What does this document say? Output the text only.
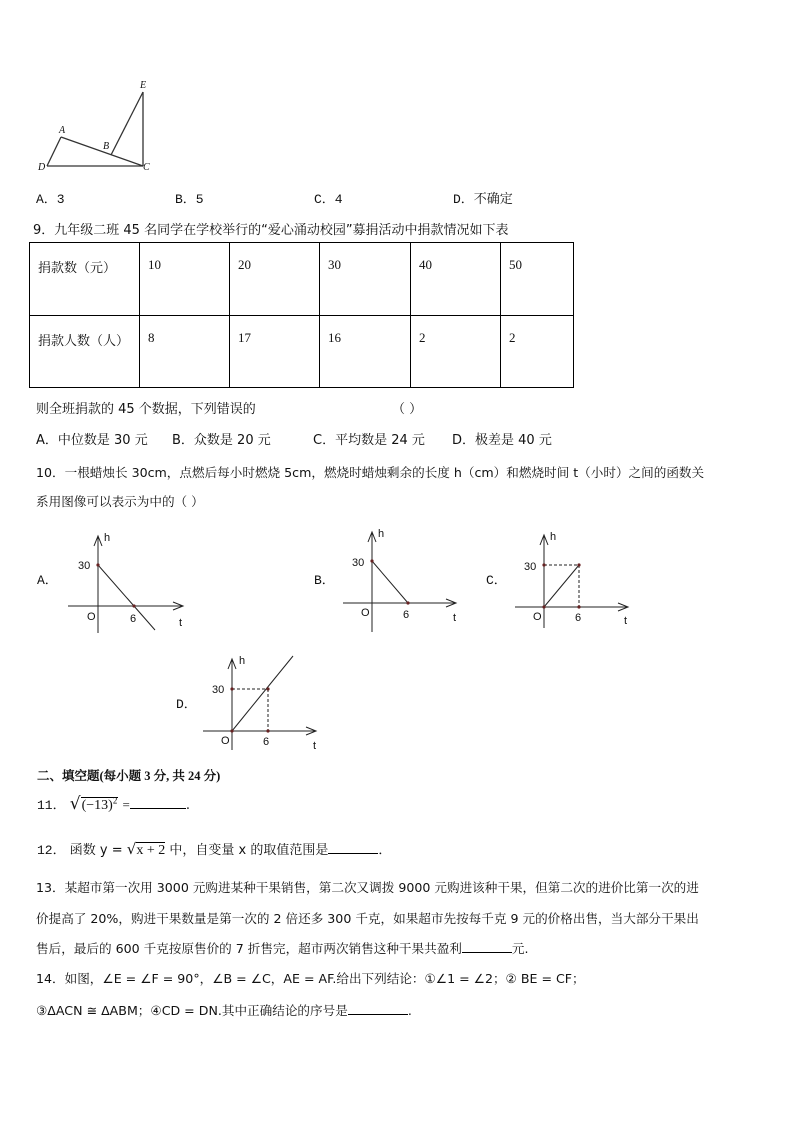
E
A
B
D	C
A．3	B．5	C．4	D．不确定
9．九年级二班 45 名同学在学校举行的“爱心涌动校园”募捐活动中捐款情况如下表
捐款数（元）	10	20	30	40	50
捐款人数（人）	8	17	16	2	2
则全班捐款的 45 个数据，下列错误的	（ ）
A．中位数是 30 元 B．众数是 20 元	C．平均数是 24 元 D．极差是 40 元
10．一根蜡烛长 30cm，点燃后每小时燃烧 5cm，燃烧时蜡烛剩余的长度 h（cm）和燃烧时间 t（小时）之间的函数关
系用图像可以表示为中的（ ）
A．
h
30
O	6	t
B．
h
30
O	6	t
C．
h
30
O	6	t
D．
h
30
O	6	t
二、填空题(每小题 3 分, 共 24 分)
11． $√(-13)^2$ =	.
12． 函数 y = √x + 2 中，自变量 x 的取值范围是	．
13．某超市第一次用 3000 元购进某种干果销售，第二次又调拨 9000 元购进该种干果，但第二次的进价比第一次的进
价提高了 20%，购进干果数量是第一次的 2 倍还多 300 千克，如果超市先按每千克 9 元的价格出售，当大部分干果出
售后，最后的 600 千克按原售价的 7 折售完，超市两次销售这种干果共盈利	元.
14．如图，∠E = ∠F = 90°，∠B = ∠C，AE = AF.给出下列结论：①∠1 = ∠2；② BE = CF；
③ΔACN ≅ ΔABM；④CD = DN.其中正确结论的序号是	.
